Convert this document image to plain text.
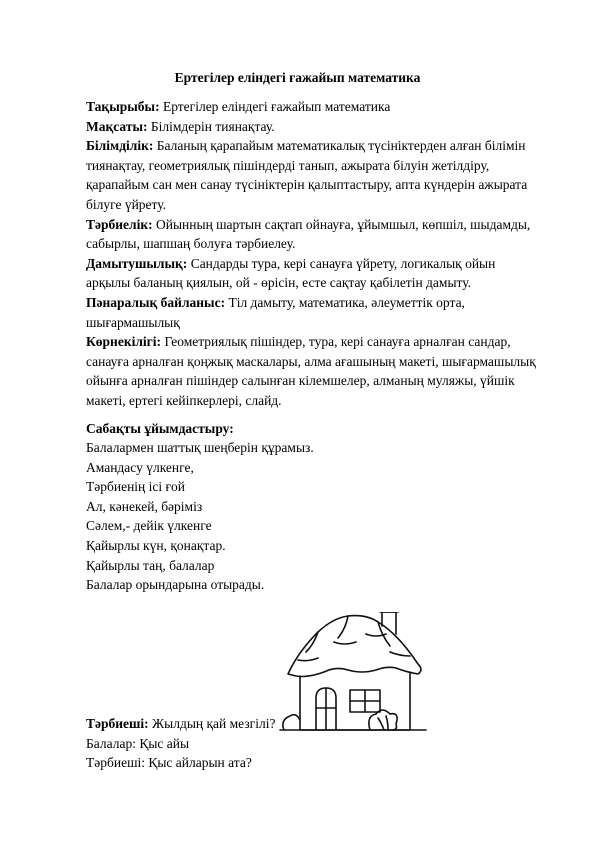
Ертегілер еліндегі ғажайып математика

Тақырыбы: Ертегілер еліндегі ғажайып математика

Мақсаты: Білімдерін тиянақтау.

Білімділік: Баланың қарапайым математикалық түсініктерден алған білімін

тиянақтау, геометриялық пішіндерді танып, ажырата білуін жетілдіру,

қарапайым сан мен санау түсініктерін қалыптастыру, апта күндерін ажырата

білуге үйрету.

Тәрбиелік: Ойынның шартын сақтап ойнауға, ұйымшыл, көпшіл, шыдамды,

сабырлы, шапшаң болуға тәрбиелеу.

Дамытушылық: Сандарды тура, кері санауға үйрету, логикалық ойын

арқылы баланың қиялын, ой - өрісін, есте сақтау қабілетін дамыту.

Пәнаралық байланыс: Тіл дамыту, математика, әлеуметтік орта,

шығармашылық

Көрнекілігі: Геометриялық пішіндер, тура, кері санауға арналған сандар,

санауға арналған қоңжық маскалары, алма ағашының макеті, шығармашылық

ойынға арналған пішіндер салынған кілемшелер, алманың муляжы, үйшік

макеті, ертегі кейіпкерлері, слайд.

Сабақты ұйымдастыру:

Балалармен шаттық шеңберін құрамыз.

Амандасу үлкенге,

Тәрбиенің ісі ғой

Ал, кәнекей, бәріміз

Сәлем,- дейік үлкенге

Қайырлы күн, қонақтар.

Қайырлы таң, балалар

Балалар орындарына отырады.

Тәрбиеші: Жылдың қай мезгілі?

Балалар: Қыс айы

Тәрбиеші: Қыс айларын ата?
